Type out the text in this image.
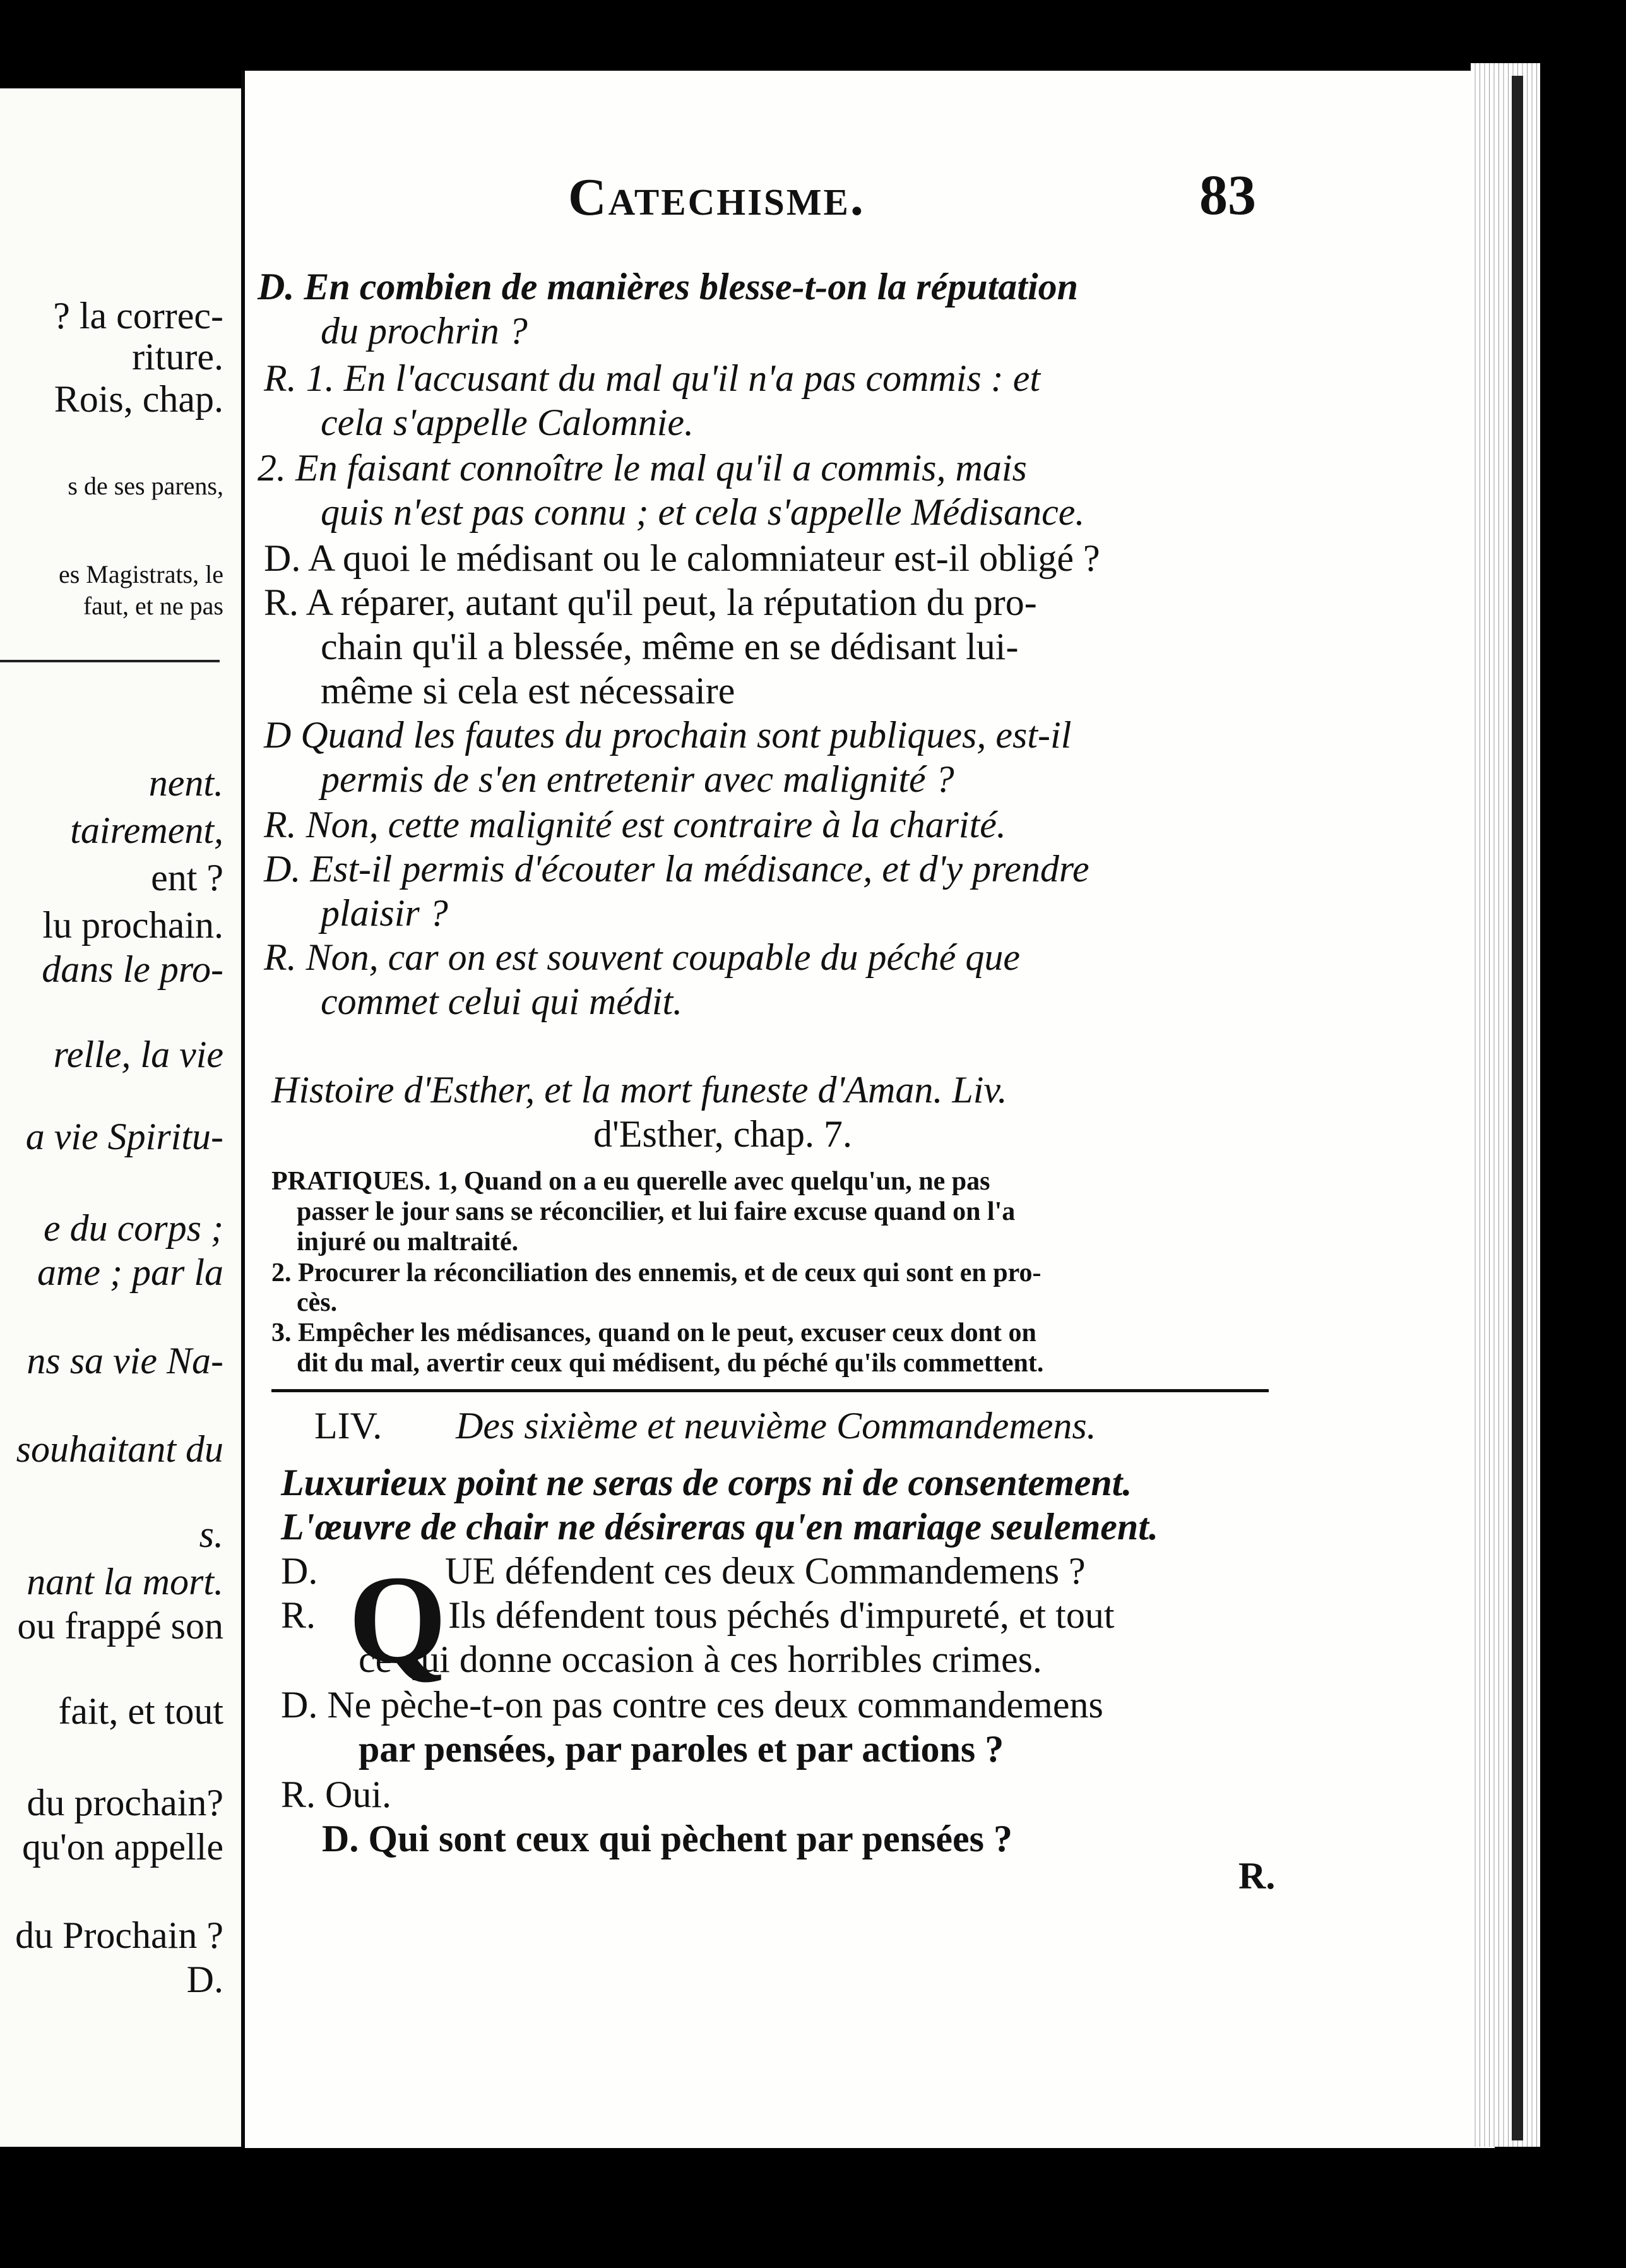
? la correc-
riture.
Rois, chap.
s de ses parens,
es Magistrats, le
faut, et ne pas
nent.
tairement,
ent ?
lu prochain.
dans le pro-
relle, la vie
a vie Spiritu-
e du corps ;
ame ; par la
ns sa vie Na-
souhaitant du
s.
nant la mort.
ou frappé son
fait, et tout
du prochain?
qu'on appelle
du Prochain ?
D.
Catechisme.	83
D. En combien de manières blesse-t-on la réputation
du prochrin ?
R. 1. En l'accusant du mal qu'il n'a pas commis : et
cela s'appelle Calomnie.
2. En faisant connoître le mal qu'il a commis, mais
quis n'est pas connu ; et cela s'appelle Médisance.
D. A quoi le médisant ou le calomniateur est-il obligé ?
R. A réparer, autant qu'il peut, la réputation du pro-
chain qu'il a blessée, même en se dédisant lui-
même si cela est nécessaire
D Quand les fautes du prochain sont publiques, est-il
permis de s'en entretenir avec malignité ?
R. Non, cette malignité est contraire à la charité.
D. Est-il permis d'écouter la médisance, et d'y prendre
plaisir ?
R. Non, car on est souvent coupable du péché que
commet celui qui médit.
Histoire d'Esther, et la mort funeste d'Aman. Liv.
d'Esther, chap. 7.
PRATIQUES. 1, Quand on a eu querelle avec quelqu'un, ne pas
passer le jour sans se réconcilier, et lui faire excuse quand on l'a
injuré ou maltraité.
2. Procurer la réconciliation des ennemis, et de ceux qui sont en pro-
cès.
3. Empêcher les médisances, quand on le peut, excuser ceux dont on
dit du mal, avertir ceux qui médisent, du péché qu'ils commettent.
LIV. Des sixième et neuvième Commandemens.
Luxurieux point ne seras de corps ni de consentement.
L'œuvre de chair ne désireras qu'en mariage seulement.
Q
D.	UE défendent ces deux Commandemens ?
R.	Ils défendent tous péchés d'impureté, et tout
ce qui donne occasion à ces horribles crimes.
D. Ne pèche-t-on pas contre ces deux commandemens
par pensées, par paroles et par actions ?
R. Oui.
D. Qui sont ceux qui pèchent par pensées ?
R.
